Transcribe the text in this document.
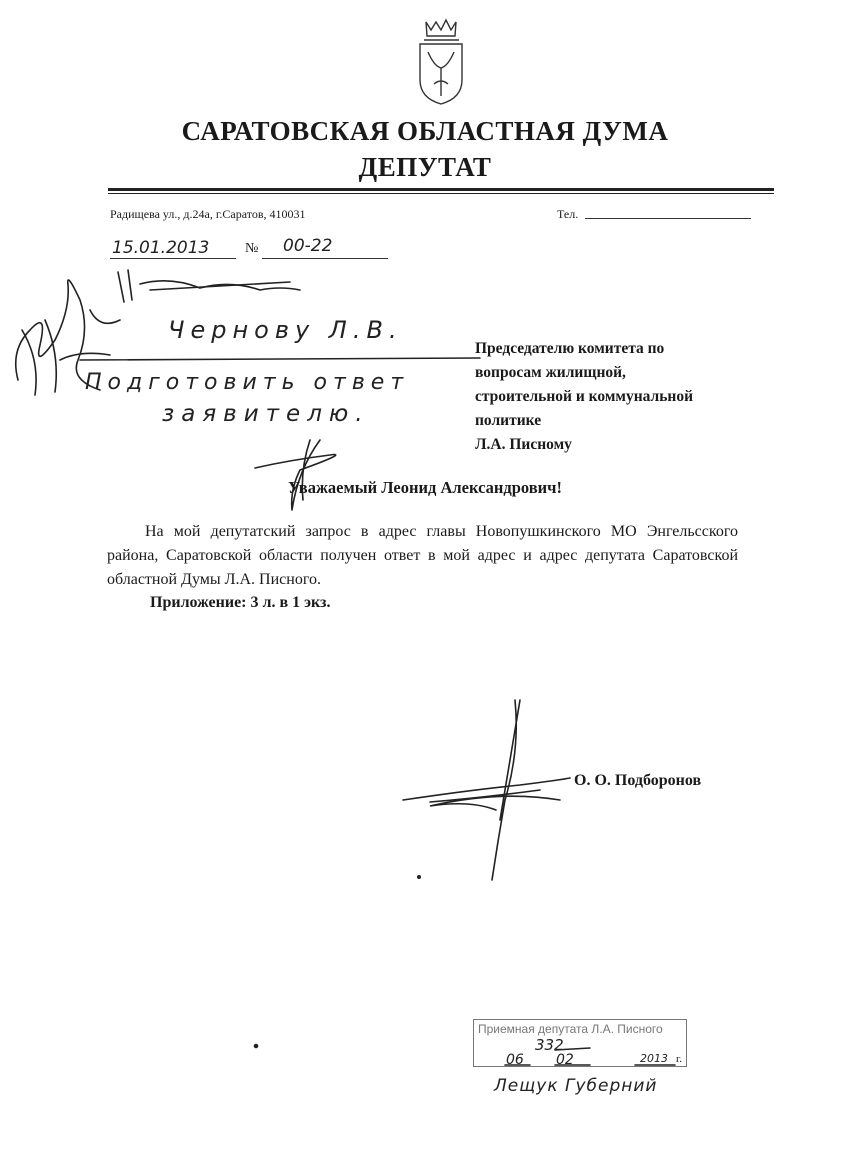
САРАТОВСКАЯ ОБЛАСТНАЯ ДУМА
ДЕПУТАТ
Радищева ул., д.24а, г.Саратов, 410031	Тел.
№
15.01.2013	00-22
Чернову Л.В.
Подготовить ответ
заявителю.
Председателю комитета по
вопросам жилищной,
строительной и коммунальной
политике
Л.А. Писному
Уважаемый Леонид Александрович!
На мой депутатский запрос в адрес главы Новопушкинского МО Энгельсского района, Саратовской области получен ответ в мой адрес и адрес депутата Саратовской областной Думы Л.А. Писного.
Приложение: 3 л. в 1 экз.
О. О. Подборонов
Приемная депутата Л.А. Писного
332
06 02	2013 г.
Лещук Губерний
